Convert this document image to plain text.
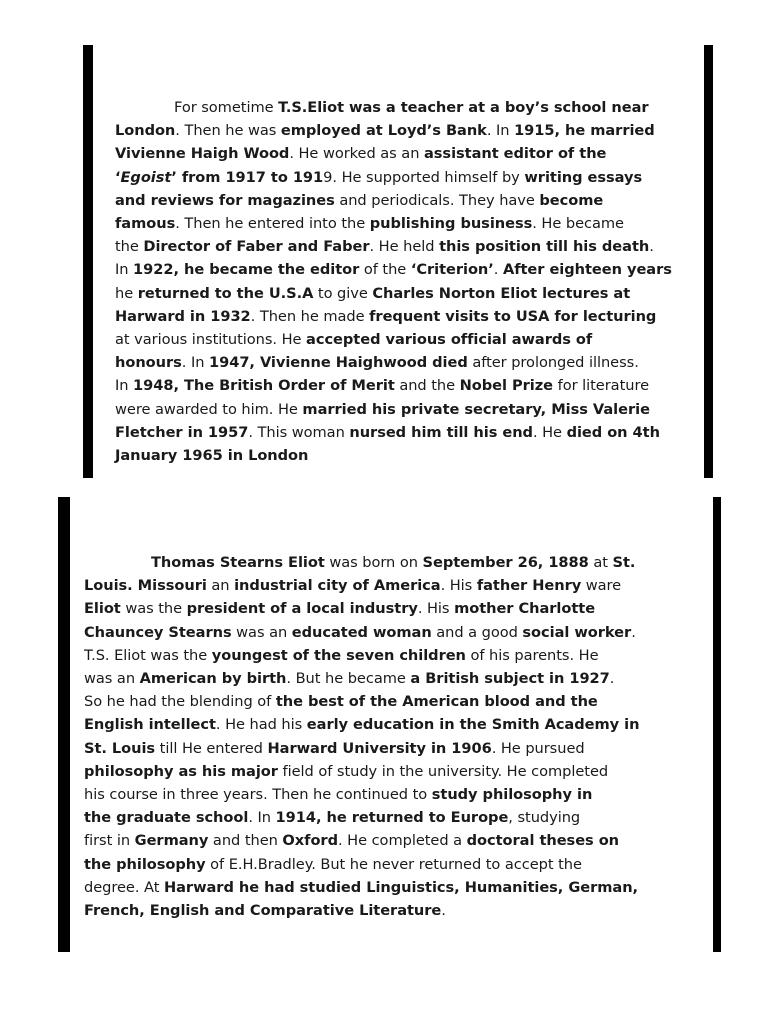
For sometime T.S.Eliot was a teacher at a boy’s school near
London. Then he was employed at Loyd’s Bank. In 1915, he married
Vivienne Haigh Wood. He worked as an assistant editor of the
‘Egoist’ from 1917 to 1919. He supported himself by writing essays
and reviews for magazines and periodicals. They have become
famous. Then he entered into the publishing business. He became
the Director of Faber and Faber. He held this position till his death.
In 1922, he became the editor of the ‘Criterion’. After eighteen years
he returned to the U.S.A to give Charles Norton Eliot lectures at
Harward in 1932. Then he made frequent visits to USA for lecturing
at various institutions. He accepted various official awards of
honours. In 1947, Vivienne Haighwood died after prolonged illness.
In 1948, The British Order of Merit and the Nobel Prize for literature
were awarded to him. He married his private secretary, Miss Valerie
Fletcher in 1957. This woman nursed him till his end. He died on 4th
January 1965 in London

Thomas Stearns Eliot was born on September 26, 1888 at St.
Louis. Missouri an industrial city of America. His father Henry ware
Eliot was the president of a local industry. His mother Charlotte
Chauncey Stearns was an educated woman and a good social worker.
T.S. Eliot was the youngest of the seven children of his parents. He
was an American by birth. But he became a British subject in 1927.
So he had the blending of the best of the American blood and the
English intellect. He had his early education in the Smith Academy in
St. Louis till He entered Harward University in 1906. He pursued
philosophy as his major field of study in the university. He completed
his course in three years. Then he continued to study philosophy in
the graduate school. In 1914, he returned to Europe, studying
first in Germany and then Oxford. He completed a doctoral theses on
the philosophy of E.H.Bradley. But he never returned to accept the
degree. At Harward he had studied Linguistics, Humanities, German,
French, English and Comparative Literature.
